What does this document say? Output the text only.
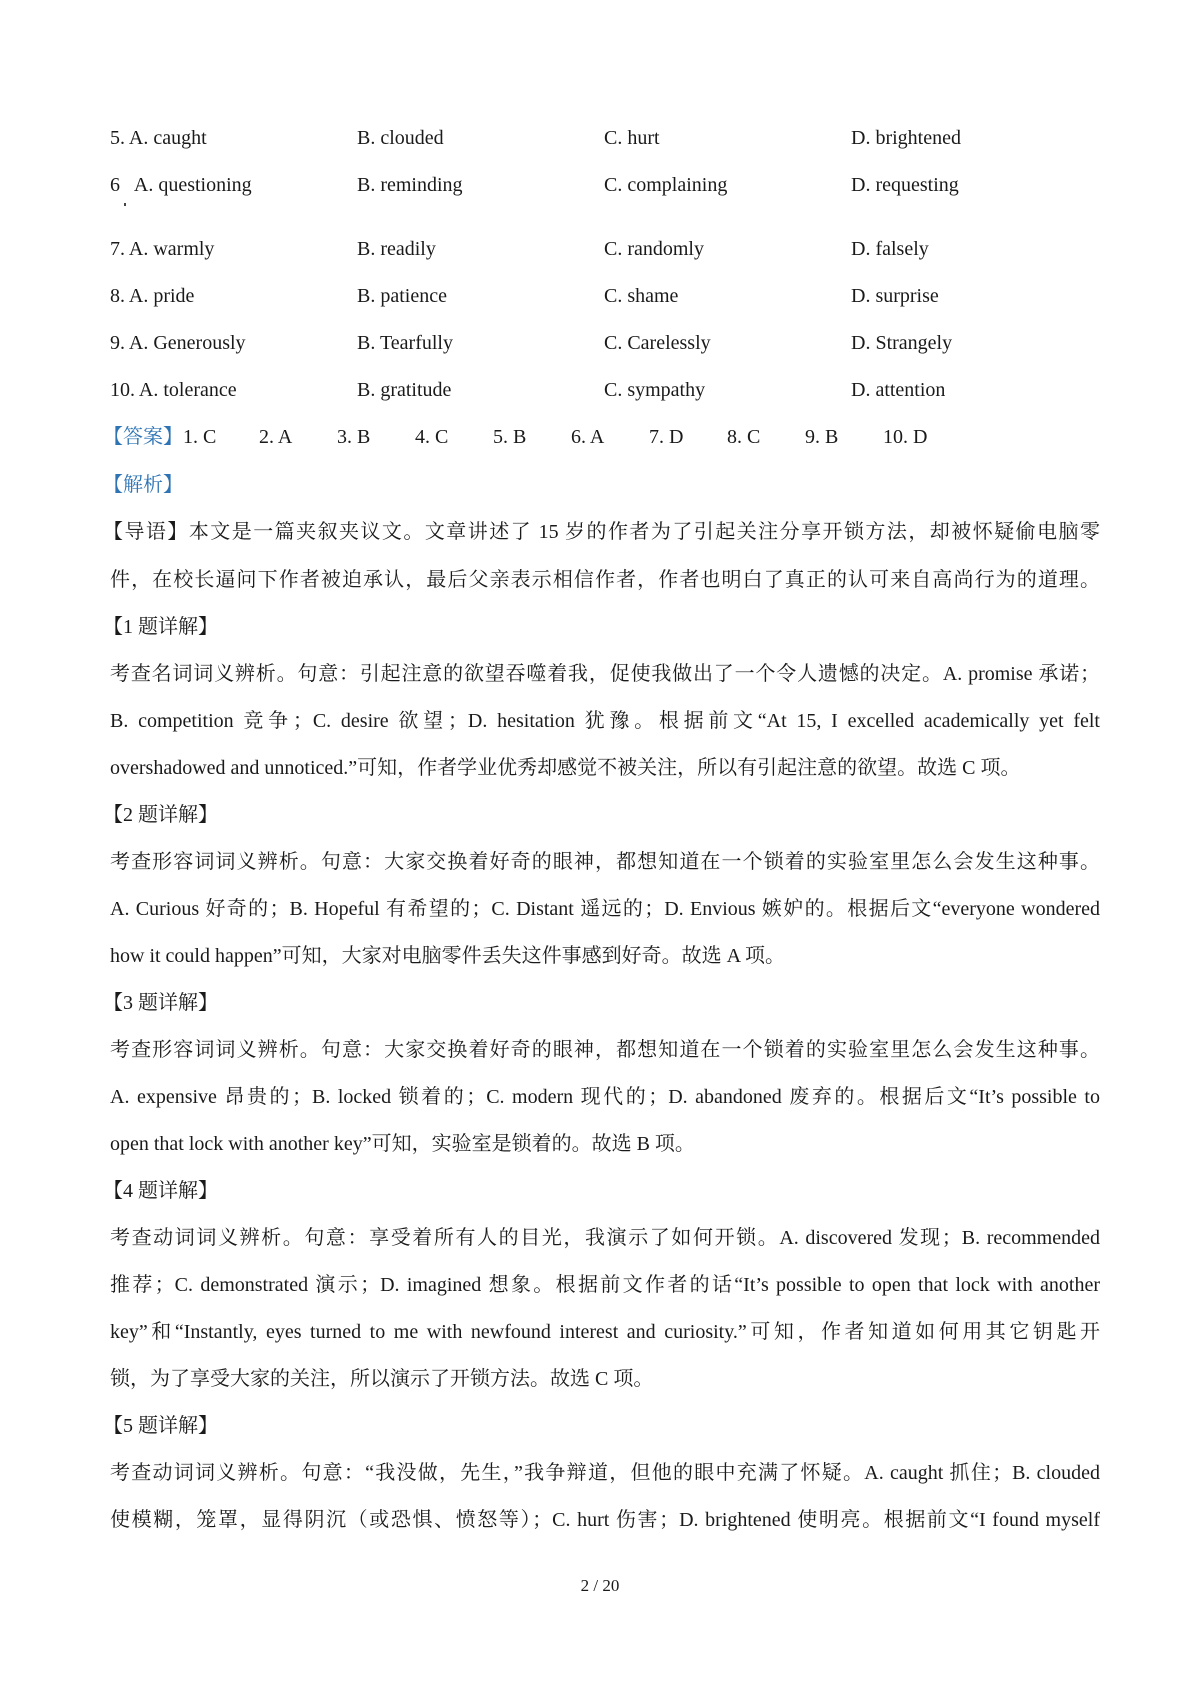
5. A. caught	B. clouded	C. hurt	D. brightened
6   A. questioning	B. reminding	C. complaining	D. requesting
7. A. warmly	B. readily	C. randomly	D. falsely
8. A. pride	B. patience	C. shame	D. surprise
9. A. Generously	B. Tearfully	C. Carelessly	D. Strangely
10. A. tolerance	B. gratitude	C. sympathy	D. attention
【答案】1. C 2. A 3. B 4. C 5. B 6. A 7. D 8. C 9. B 10. D
【解析】
【导语】本文是一篇夹叙夹议文。文章讲述了 15 岁的作者为了引起关注分享开锁方法，却被怀疑偷电脑零
件，在校长逼问下作者被迫承认，最后父亲表示相信作者，作者也明白了真正的认可来自高尚行为的道理。
【1 题详解】
考查名词词义辨析。句意：引起注意的欲望吞噬着我，促使我做出了一个令人遗憾的决定。A. promise 承诺；
B. competition 竞争；C. desire 欲望；D. hesitation 犹豫。根据前文“At 15, I excelled academically yet felt
overshadowed and unnoticed.”可知，作者学业优秀却感觉不被关注，所以有引起注意的欲望。故选 C 项。
【2 题详解】
考查形容词词义辨析。句意：大家交换着好奇的眼神，都想知道在一个锁着的实验室里怎么会发生这种事。
A. Curious 好奇的；B. Hopeful 有希望的；C. Distant 遥远的；D. Envious 嫉妒的。根据后文“everyone wondered
how it could happen”可知，大家对电脑零件丢失这件事感到好奇。故选 A 项。
【3 题详解】
考查形容词词义辨析。句意：大家交换着好奇的眼神，都想知道在一个锁着的实验室里怎么会发生这种事。
A. expensive 昂贵的；B. locked 锁着的；C. modern 现代的；D. abandoned 废弃的。根据后文“It’s possible to
open that lock with another key”可知，实验室是锁着的。故选 B 项。
【4 题详解】
考查动词词义辨析。句意：享受着所有人的目光，我演示了如何开锁。A. discovered 发现；B. recommended
推荐；C. demonstrated 演示；D. imagined 想象。根据前文作者的话“It’s possible to open that lock with another
key”和“Instantly, eyes turned to me with newfound interest and curiosity.”可知，作者知道如何用其它钥匙开
锁，为了享受大家的关注，所以演示了开锁方法。故选 C 项。
【5 题详解】
考查动词词义辨析。句意：“我没做，先生，”我争辩道，但他的眼中充满了怀疑。A. caught 抓住；B. clouded
使模糊，笼罩，显得阴沉（或恐惧、愤怒等）；C. hurt 伤害；D. brightened 使明亮。根据前文“I found myself
2 / 20
